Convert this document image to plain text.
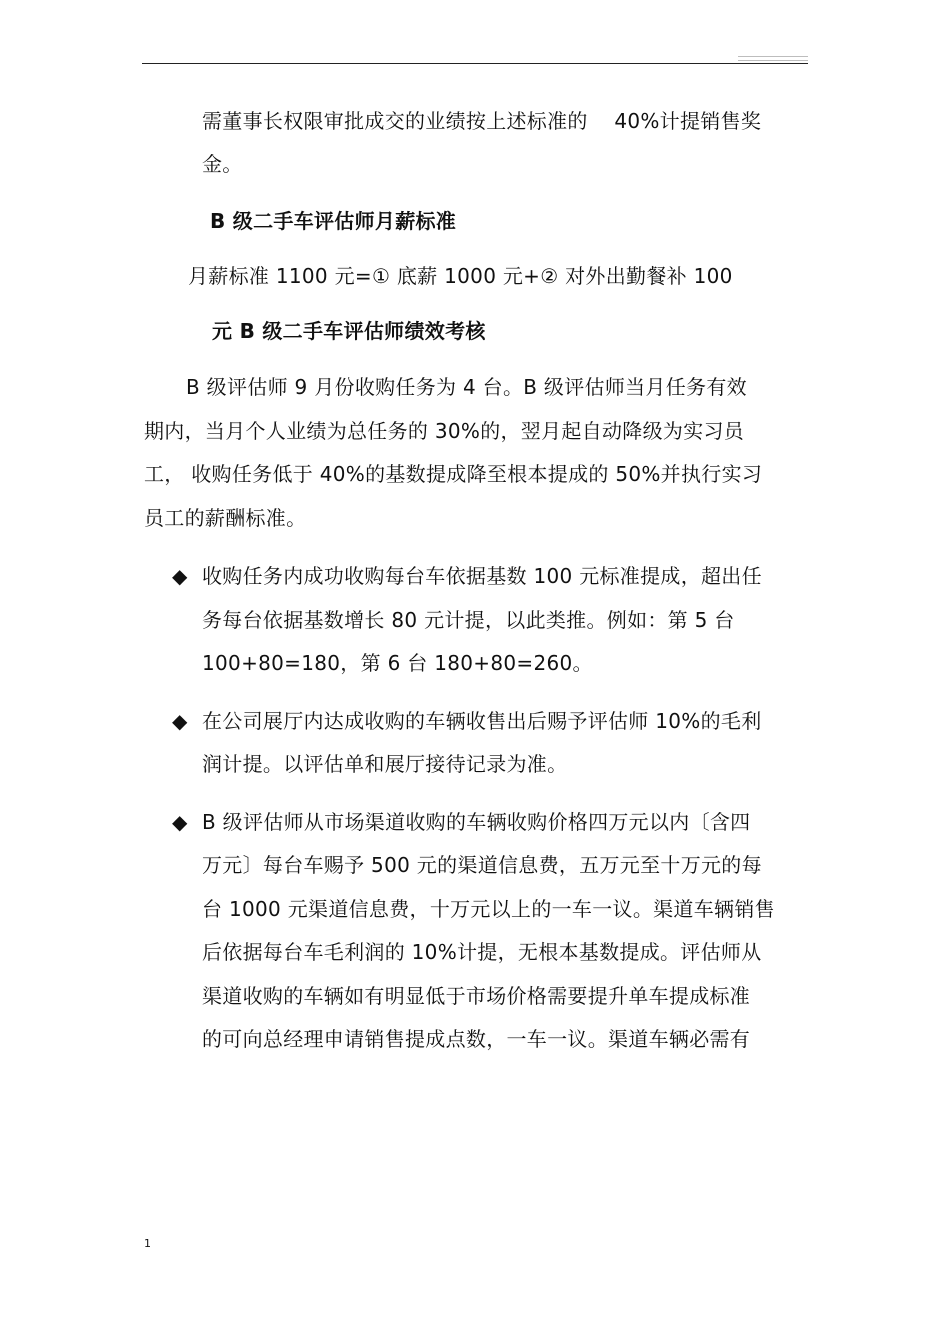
需董事长权限审批成交的业绩按上述标准的    40%计提销售奖
金。
B 级二手车评估师月薪标准
月薪标准 1100 元=① 底薪 1000 元+② 对外出勤餐补 100
元 B 级二手车评估师绩效考核
B 级评估师 9 月份收购任务为 4 台。B 级评估师当月任务有效
期内，当月个人业绩为总任务的 30%的，翌月起自动降级为实习员
工， 收购任务低于 40%的基数提成降至根本提成的 50%并执行实习
员工的薪酬标准。
◆ 收购任务内成功收购每台车依据基数 100 元标准提成，超出任
务每台依据基数增长 80 元计提，以此类推。例如：第 5 台
100+80=180，第 6 台 180+80=260。
◆ 在公司展厅内达成收购的车辆收售出后赐予评估师 10%的毛利
润计提。以评估单和展厅接待记录为准。
◆ B 级评估师从市场渠道收购的车辆收购价格四万元以内〔含四
万元〕每台车赐予 500 元的渠道信息费，五万元至十万元的每
台 1000 元渠道信息费，十万元以上的一车一议。渠道车辆销售
后依据每台车毛利润的 10%计提，无根本基数提成。评估师从
渠道收购的车辆如有明显低于市场价格需要提升单车提成标准
的可向总经理申请销售提成点数，一车一议。渠道车辆必需有
1
